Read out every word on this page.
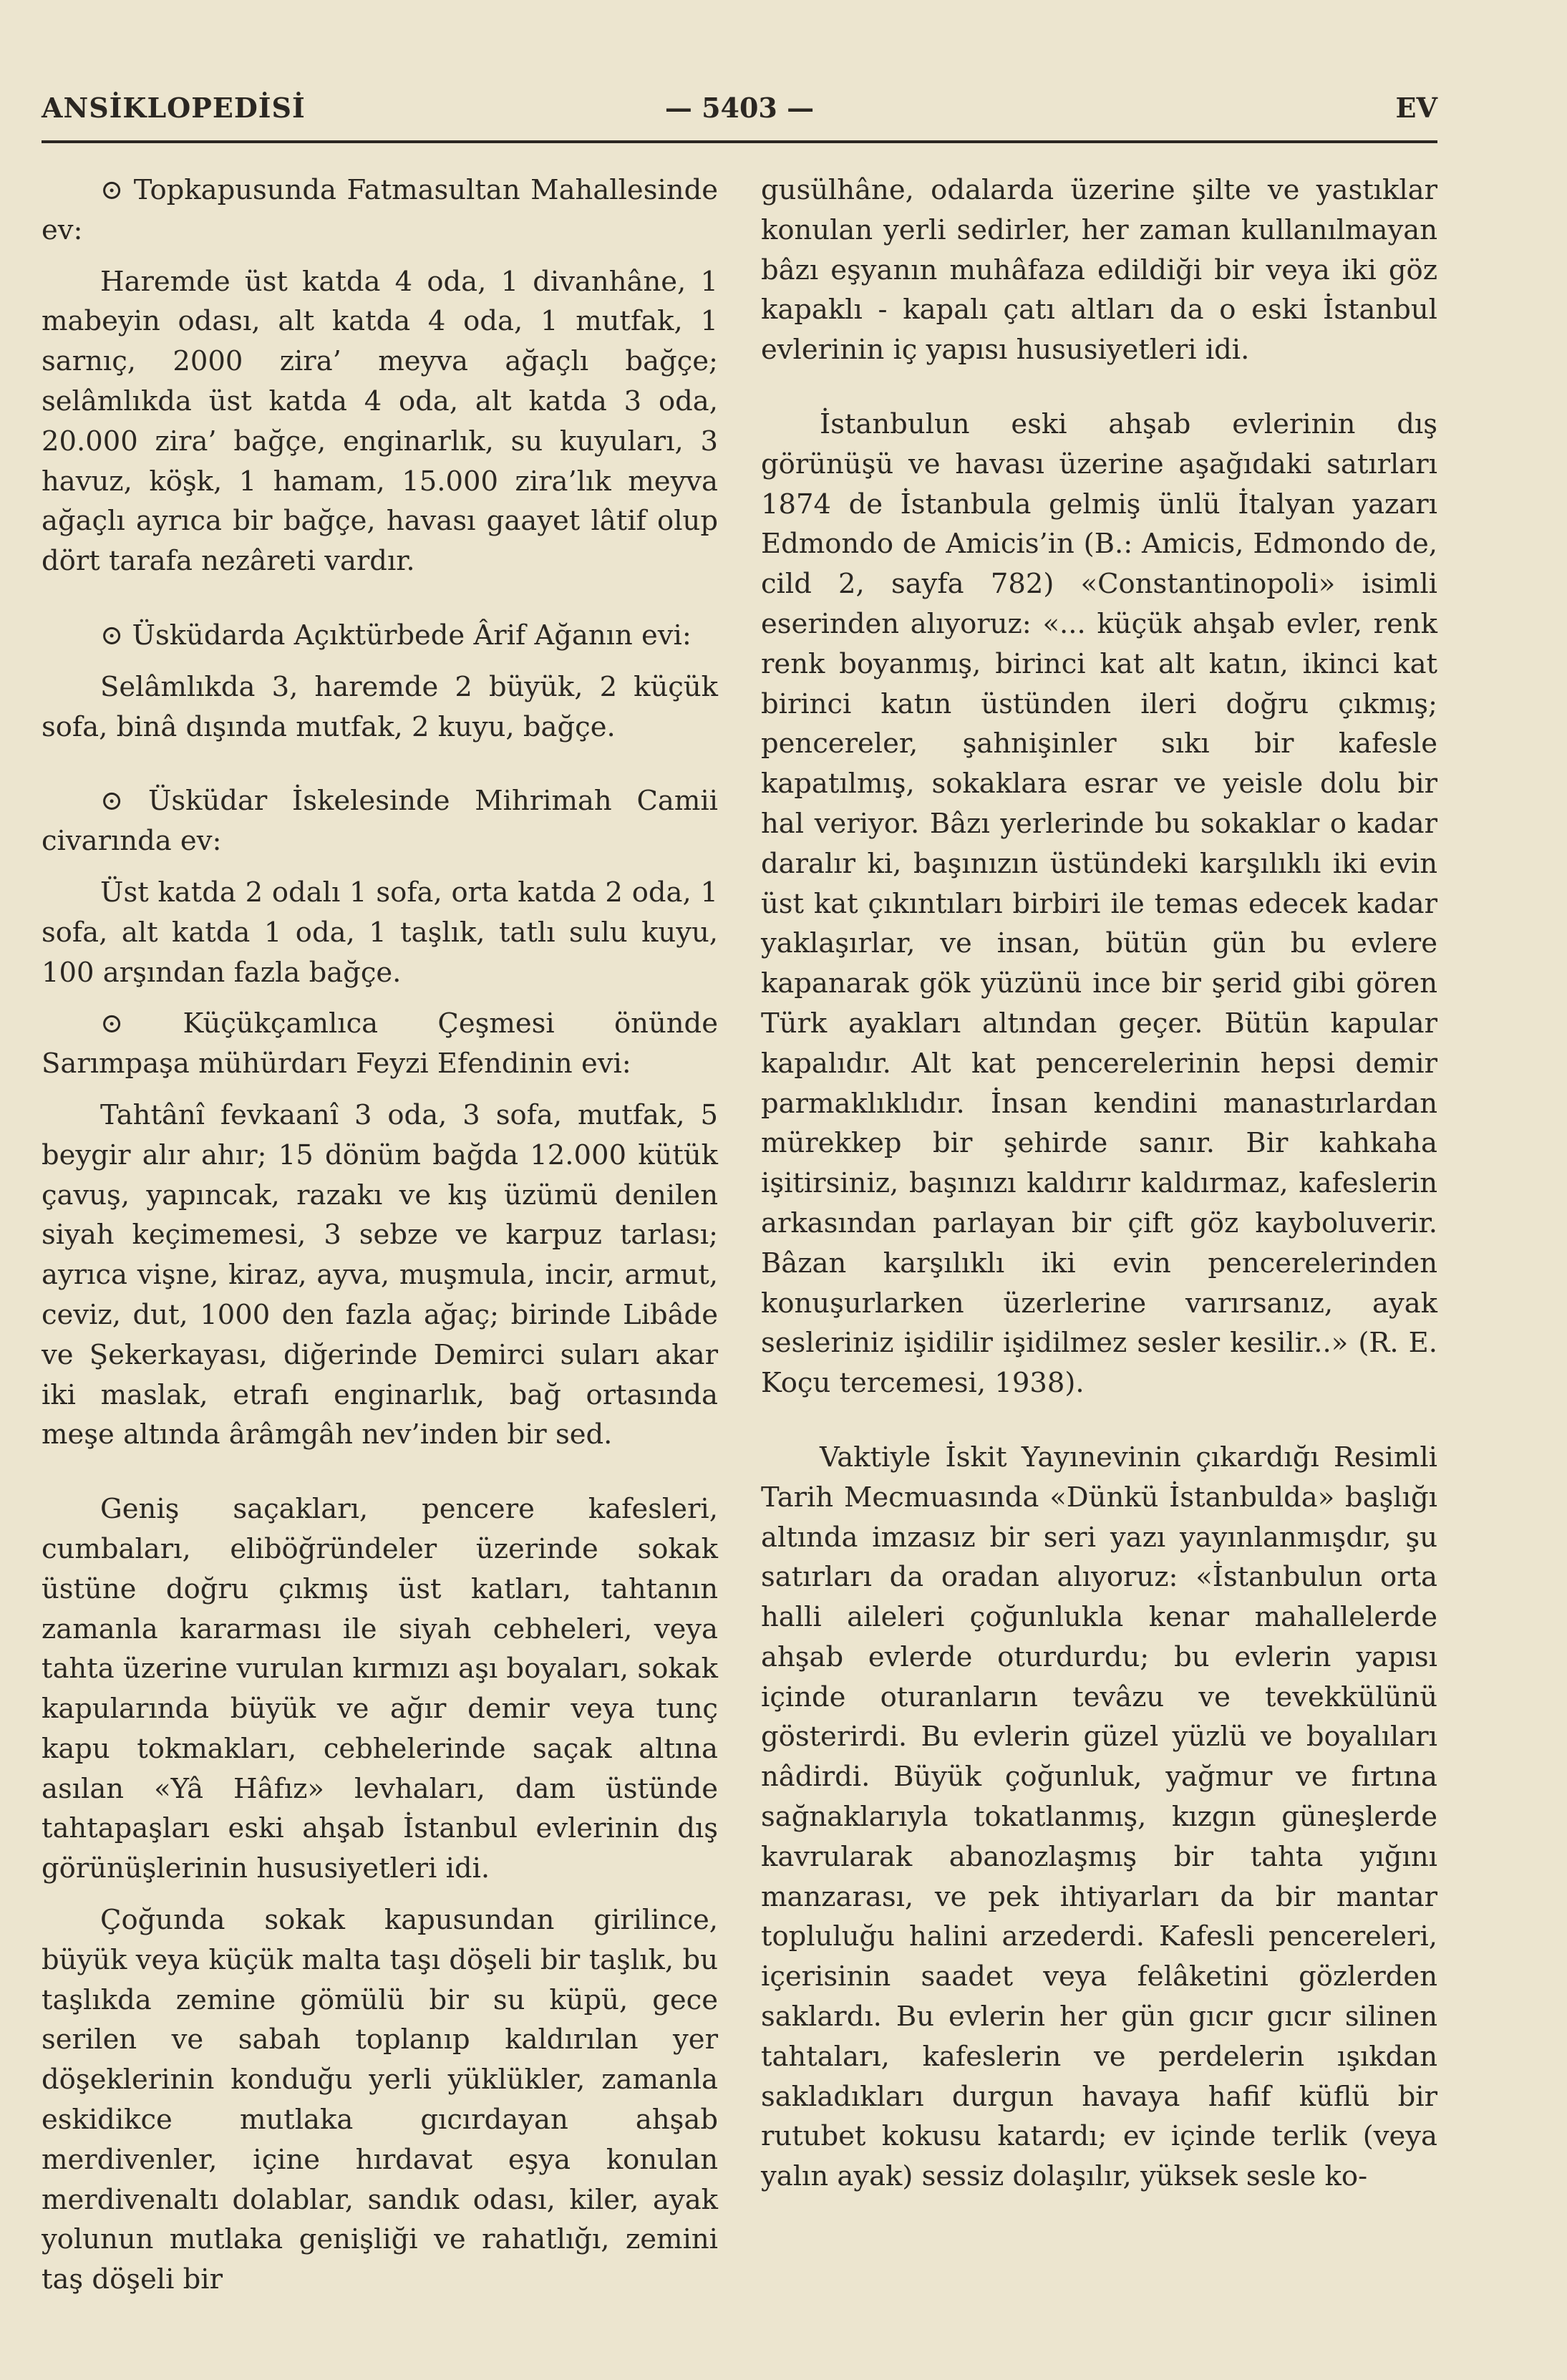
— 5403 —
ANSİKLOPEDİSİ	EV

⊙ Topkapusunda Fatmasultan Mahallesinde ev:

Haremde üst katda 4 oda, 1 divanhâne, 1 mabeyin odası, alt katda 4 oda, 1 mutfak, 1 sarnıç, 2000 zira’ meyva ağaçlı bağçe; selâmlıkda üst katda 4 oda, alt katda 3 oda, 20.000 zira’ bağçe, enginarlık, su kuyuları, 3 havuz, köşk, 1 hamam, 15.000 zira’lık meyva ağaçlı ayrıca bir bağçe, havası gaayet lâtif olup dört tarafa nezâreti vardır.

⊙ Üsküdarda Açıktürbede Ârif Ağanın evi:

Selâmlıkda 3, haremde 2 büyük, 2 küçük sofa, binâ dışında mutfak, 2 kuyu, bağçe.

⊙ Üsküdar İskelesinde Mihrimah Camii civarında ev:

Üst katda 2 odalı 1 sofa, orta katda 2 oda, 1 sofa, alt katda 1 oda, 1 taşlık, tatlı sulu kuyu, 100 arşından fazla bağçe.

⊙ Küçükçamlıca Çeşmesi önünde Sarımpaşa mühürdarı Feyzi Efendinin evi:

Tahtânî fevkaanî 3 oda, 3 sofa, mutfak, 5 beygir alır ahır; 15 dönüm bağda 12.000 kütük çavuş, yapıncak, razakı ve kış üzümü denilen siyah keçimemesi, 3 sebze ve karpuz tarlası; ayrıca vişne, kiraz, ayva, muşmula, incir, armut, ceviz, dut, 1000 den fazla ağaç; birinde Libâde ve Şekerkayası, diğerinde Demirci suları akar iki maslak, etrafı enginarlık, bağ ortasında meşe altında ârâmgâh nev’inden bir sed.

Geniş saçakları, pencere kafesleri, cumbaları, eliböğründeler üzerinde sokak üstüne doğru çıkmış üst katları, tahtanın zamanla kararması ile siyah cebheleri, veya tahta üzerine vurulan kırmızı aşı boyaları, sokak kapularında büyük ve ağır demir veya tunç kapu tokmakları, cebhelerinde saçak altına asılan «Yâ Hâfız» levhaları, dam üstünde tahtapaşları eski ahşab İstanbul evlerinin dış görünüşlerinin hususiyetleri idi.

Çoğunda sokak kapusundan girilince, büyük veya küçük malta taşı döşeli bir taşlık, bu taşlıkda zemine gömülü bir su küpü, gece serilen ve sabah toplanıp kaldırılan yer döşeklerinin konduğu yerli yüklükler, zamanla eskidikce mutlaka gıcırdayan ahşab merdivenler, içine hırdavat eşya konulan merdivenaltı dolablar, sandık odası, kiler, ayak yolunun mutlaka genişliği ve rahatlığı, zemini taş döşeli bir

gusülhâne, odalarda üzerine şilte ve yastıklar konulan yerli sedirler, her zaman kullanılmayan bâzı eşyanın muhâfaza edildiği bir veya iki göz kapaklı - kapalı çatı altları da o eski İstanbul evlerinin iç yapısı hususiyetleri idi.

İstanbulun eski ahşab evlerinin dış görünüşü ve havası üzerine aşağıdaki satırları 1874 de İstanbula gelmiş ünlü İtalyan yazarı Edmondo de Amicis’in (B.: Amicis, Edmondo de, cild 2, sayfa 782) «Constantinopoli» isimli eserinden alıyoruz: «... küçük ahşab evler, renk renk boyanmış, birinci kat alt katın, ikinci kat birinci katın üstünden ileri doğru çıkmış; pencereler, şahnişinler sıkı bir kafesle kapatılmış, sokaklara esrar ve yeisle dolu bir hal veriyor. Bâzı yerlerinde bu sokaklar o kadar daralır ki, başınızın üstündeki karşılıklı iki evin üst kat çıkıntıları birbiri ile temas edecek kadar yaklaşırlar, ve insan, bütün gün bu evlere kapanarak gök yüzünü ince bir şerid gibi gören Türk ayakları altından geçer. Bütün kapular kapalıdır. Alt kat pencerelerinin hepsi demir parmaklıklıdır. İnsan kendini manastırlardan mürekkep bir şehirde sanır. Bir kahkaha işitirsiniz, başınızı kaldırır kaldırmaz, kafeslerin arkasından parlayan bir çift göz kayboluverir. Bâzan karşılıklı iki evin pencerelerinden konuşurlarken üzerlerine varırsanız, ayak sesleriniz işidilir işidilmez sesler kesilir..» (R. E. Koçu tercemesi, 1938).

Vaktiyle İskit Yayınevinin çıkardığı Resimli Tarih Mecmuasında «Dünkü İstanbulda» başlığı altında imzasız bir seri yazı yayınlanmışdır, şu satırları da oradan alıyoruz: «İstanbulun orta halli aileleri çoğunlukla kenar mahallelerde ahşab evlerde oturdurdu; bu evlerin yapısı içinde oturanların tevâzu ve tevekkülünü gösterirdi. Bu evlerin güzel yüzlü ve boyalıları nâdirdi. Büyük çoğunluk, yağmur ve fırtına sağnaklarıyla tokatlanmış, kızgın güneşlerde kavrularak abanozlaşmış bir tahta yığını manzarası, ve pek ihtiyarları da bir mantar topluluğu halini arzederdi. Kafesli pencereleri, içerisinin saadet veya felâketini gözlerden saklardı. Bu evlerin her gün gıcır gıcır silinen tahtaları, kafeslerin ve perdelerin ışıkdan sakladıkları durgun havaya hafif küflü bir rutubet kokusu katardı; ev içinde terlik (veya yalın ayak) sessiz dolaşılır, yüksek sesle ko-
